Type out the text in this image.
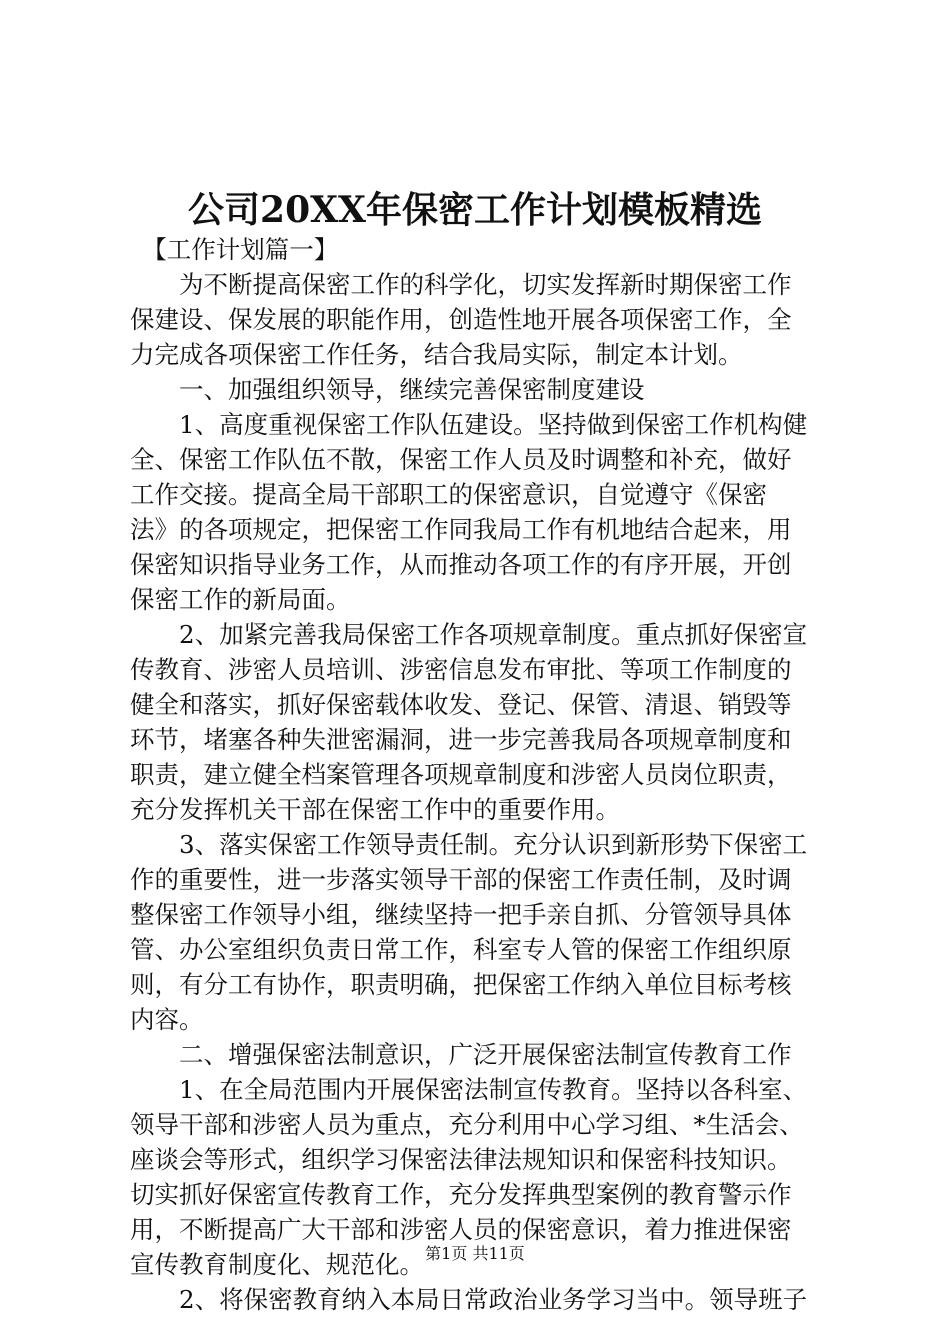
公司20XX年保密工作计划模板精选
　【工作计划篇一】
　　为不断提高保密工作的科学化，切实发挥新时期保密工作
保建设、保发展的职能作用，创造性地开展各项保密工作，全
力完成各项保密工作任务，结合我局实际，制定本计划。
　　一、加强组织领导，继续完善保密制度建设
　　1、高度重视保密工作队伍建设。坚持做到保密工作机构健
全、保密工作队伍不散，保密工作人员及时调整和补充，做好
工作交接。提高全局干部职工的保密意识，自觉遵守《保密
法》的各项规定，把保密工作同我局工作有机地结合起来，用
保密知识指导业务工作，从而推动各项工作的有序开展，开创
保密工作的新局面。
　　2、加紧完善我局保密工作各项规章制度。重点抓好保密宣
传教育、涉密人员培训、涉密信息发布审批、等项工作制度的
健全和落实，抓好保密载体收发、登记、保管、清退、销毁等
环节，堵塞各种失泄密漏洞，进一步完善我局各项规章制度和
职责，建立健全档案管理各项规章制度和涉密人员岗位职责，
充分发挥机关干部在保密工作中的重要作用。
　　3、落实保密工作领导责任制。充分认识到新形势下保密工
作的重要性，进一步落实领导干部的保密工作责任制，及时调
整保密工作领导小组，继续坚持一把手亲自抓、分管领导具体
管、办公室组织负责日常工作，科室专人管的保密工作组织原
则，有分工有协作，职责明确，把保密工作纳入单位目标考核
内容。
　　二、增强保密法制意识，广泛开展保密法制宣传教育工作
　　1、在全局范围内开展保密法制宣传教育。坚持以各科室、
领导干部和涉密人员为重点，充分利用中心学习组、*生活会、
座谈会等形式，组织学习保密法律法规知识和保密科技知识。
切实抓好保密宣传教育工作，充分发挥典型案例的教育警示作
用，不断提高广大干部和涉密人员的保密意识，着力推进保密
宣传教育制度化、规范化。
　　2、将保密教育纳入本局日常政治业务学习当中。领导班子
第1页 共11页
